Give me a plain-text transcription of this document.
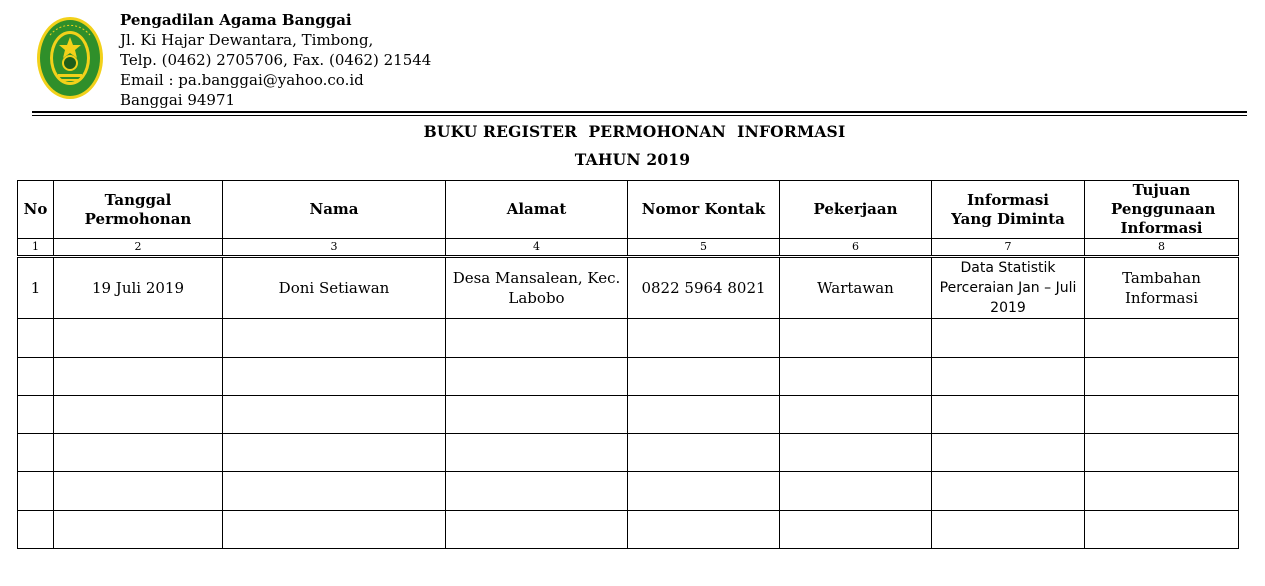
Pengadilan Agama Banggai
Jl. Ki Hajar Dewantara, Timbong,
Telp. (0462) 2705706, Fax. (0462) 21544
Email : pa.banggai@yahoo.co.id
Banggai 94971
BUKU REGISTER  PERMOHONAN  INFORMASI
TAHUN 2019
No	Tanggal Permohonan	Nama	Alamat	Nomor Kontak	Pekerjaan	Informasi Yang Diminta	Tujuan Penggunaan Informasi
1	2	3	4	5	6	7	8
1	19 Juli 2019	Doni Setiawan	Desa Mansalean, Kec. Labobo	0822 5964 8021	Wartawan	Data Statistik Perceraian Jan – Juli 2019	Tambahan Informasi
